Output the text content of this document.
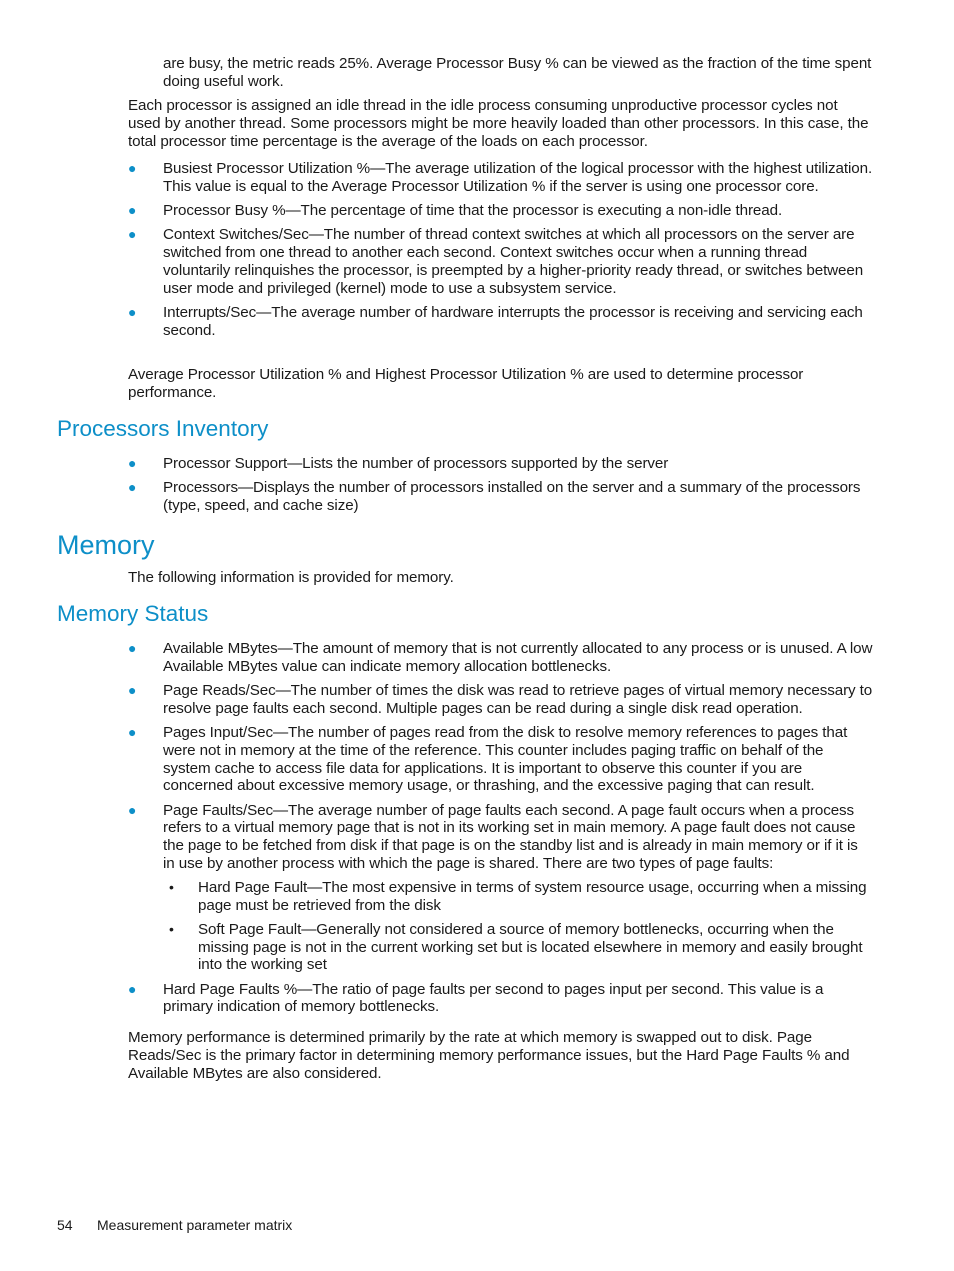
are busy, the metric reads 25%. Average Processor Busy % can be viewed as the fraction of the time spent doing useful work.
Each processor is assigned an idle thread in the idle process consuming unproductive processor cycles not used by another thread. Some processors might be more heavily loaded than other processors. In this case, the total processor time percentage is the average of the loads on each processor.
● Busiest Processor Utilization %—The average utilization of the logical processor with the highest utilization. This value is equal to the Average Processor Utilization % if the server is using one processor core.
● Processor Busy %—The percentage of time that the processor is executing a non-idle thread.
● Context Switches/Sec—The number of thread context switches at which all processors on the server are switched from one thread to another each second. Context switches occur when a running thread voluntarily relinquishes the processor, is preempted by a higher-priority ready thread, or switches between user mode and privileged (kernel) mode to use a subsystem service.
● Interrupts/Sec—The average number of hardware interrupts the processor is receiving and servicing each second.
Average Processor Utilization % and Highest Processor Utilization % are used to determine processor performance.
Processors Inventory
● Processor Support—Lists the number of processors supported by the server
● Processors—Displays the number of processors installed on the server and a summary of the processors (type, speed, and cache size)
Memory
The following information is provided for memory.
Memory Status
● Available MBytes—The amount of memory that is not currently allocated to any process or is unused. A low Available MBytes value can indicate memory allocation bottlenecks.
● Page Reads/Sec—The number of times the disk was read to retrieve pages of virtual memory necessary to resolve page faults each second. Multiple pages can be read during a single disk read operation.
● Pages Input/Sec—The number of pages read from the disk to resolve memory references to pages that were not in memory at the time of the reference. This counter includes paging traffic on behalf of the system cache to access file data for applications. It is important to observe this counter if you are concerned about excessive memory usage, or thrashing, and the excessive paging that can result.
● Page Faults/Sec—The average number of page faults each second. A page fault occurs when a process refers to a virtual memory page that is not in its working set in main memory. A page fault does not cause the page to be fetched from disk if that page is on the standby list and is already in main memory or if it is in use by another process with which the page is shared. There are two types of page faults:
• Hard Page Fault—The most expensive in terms of system resource usage, occurring when a missing page must be retrieved from the disk
• Soft Page Fault—Generally not considered a source of memory bottlenecks, occurring when the missing page is not in the current working set but is located elsewhere in memory and easily brought into the working set
● Hard Page Faults %—The ratio of page faults per second to pages input per second. This value is a primary indication of memory bottlenecks.
Memory performance is determined primarily by the rate at which memory is swapped out to disk. Page Reads/Sec is the primary factor in determining memory performance issues, but the Hard Page Faults % and Available MBytes are also considered.
54 Measurement parameter matrix
